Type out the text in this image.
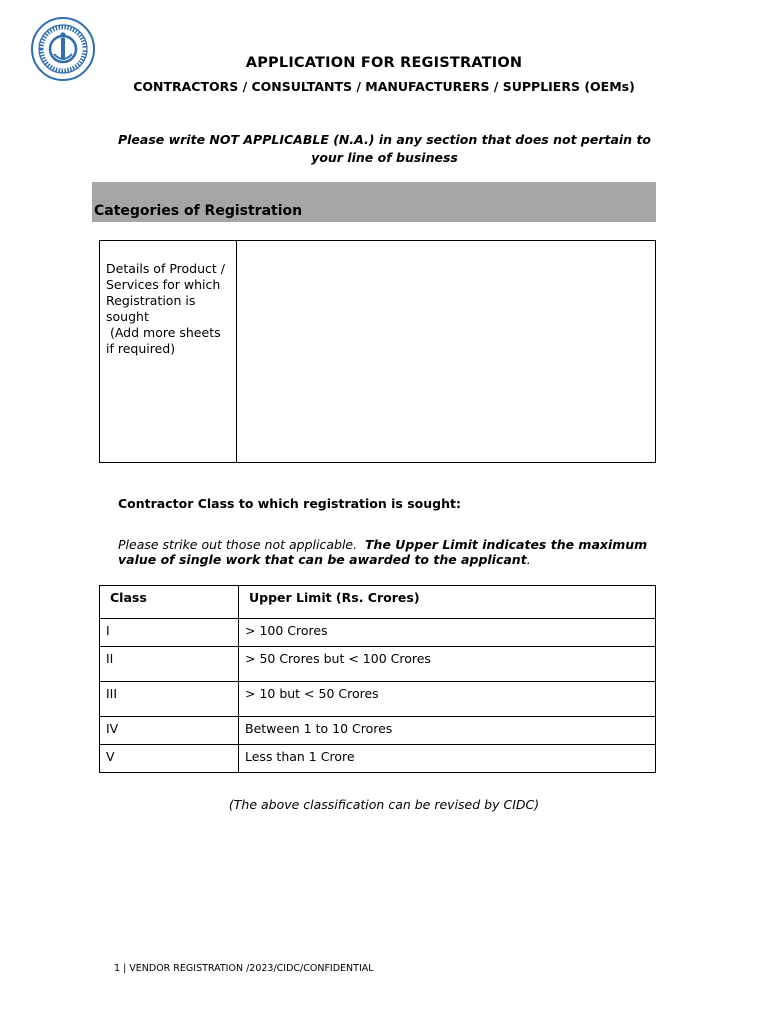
APPLICATION FOR REGISTRATION

CONTRACTORS / CONSULTANTS / MANUFACTURERS / SUPPLIERS (OEMs)

Please write NOT APPLICABLE (N.A.) in any section that does not pertain to
your line of business

Categories of Registration

Details of Product /
Services for which
Registration is
sought
(Add more sheets
if required)

Contractor Class to which registration is sought:

Please strike out those not applicable.  The Upper Limit indicates the maximum value of single work that can be awarded to the applicant.

Class	Upper Limit (Rs. Crores)
I	> 100 Crores
II	> 50 Crores but < 100 Crores
III	> 10 but < 50 Crores
IV	Between 1 to 10 Crores
V	Less than 1 Crore

(The above classification can be revised by CIDC)

1 | VENDOR REGISTRATION /2023/CIDC/CONFIDENTIAL
